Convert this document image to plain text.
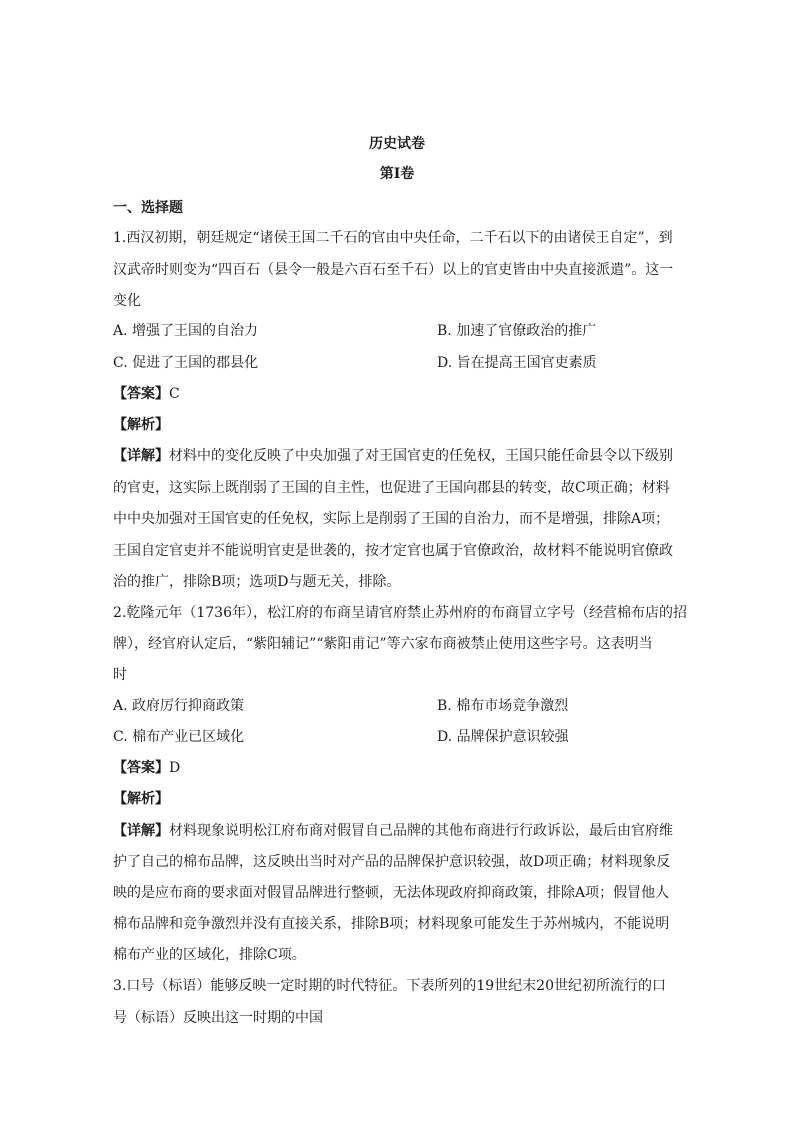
历史试卷
第Ⅰ卷
一、选择题
1.西汉初期，朝廷规定“诸侯王国二千石的官由中央任命，二千石以下的由诸侯王自定”，到
汉武帝时则变为“四百石（县令一般是六百石至千石）以上的官吏皆由中央直接派遣”。这一
变化
A. 增强了王国的自治力	B. 加速了官僚政治的推广
C. 促进了王国的郡县化	D. 旨在提高王国官吏素质
【答案】C
【解析】
【详解】材料中的变化反映了中央加强了对王国官吏的任免权，王国只能任命县令以下级别
的官吏，这实际上既削弱了王国的自主性，也促进了王国向郡县的转变，故C项正确；材料
中中央加强对王国官吏的任免权，实际上是削弱了王国的自治力，而不是增强，排除A项；
王国自定官吏并不能说明官吏是世袭的，按才定官也属于官僚政治，故材料不能说明官僚政
治的推广，排除B项；选项D与题无关，排除。
2.乾隆元年（1736年），松江府的布商呈请官府禁止苏州府的布商冒立字号（经营棉布店的招
牌），经官府认定后，“紫阳辅记”“紫阳甫记”等六家布商被禁止使用这些字号。这表明当
时
A. 政府厉行抑商政策	B. 棉布市场竞争激烈
C. 棉布产业已区域化	D. 品牌保护意识较强
【答案】D
【解析】
【详解】材料现象说明松江府布商对假冒自己品牌的其他布商进行行政诉讼，最后由官府维
护了自己的棉布品牌，这反映出当时对产品的品牌保护意识较强，故D项正确；材料现象反
映的是应布商的要求面对假冒品牌进行整顿，无法体现政府抑商政策，排除A项；假冒他人
棉布品牌和竞争激烈并没有直接关系，排除B项；材料现象可能发生于苏州城内，不能说明
棉布产业的区域化，排除C项。
3.口号（标语）能够反映一定时期的时代特征。下表所列的19世纪末20世纪初所流行的口
号（标语）反映出这一时期的中国
